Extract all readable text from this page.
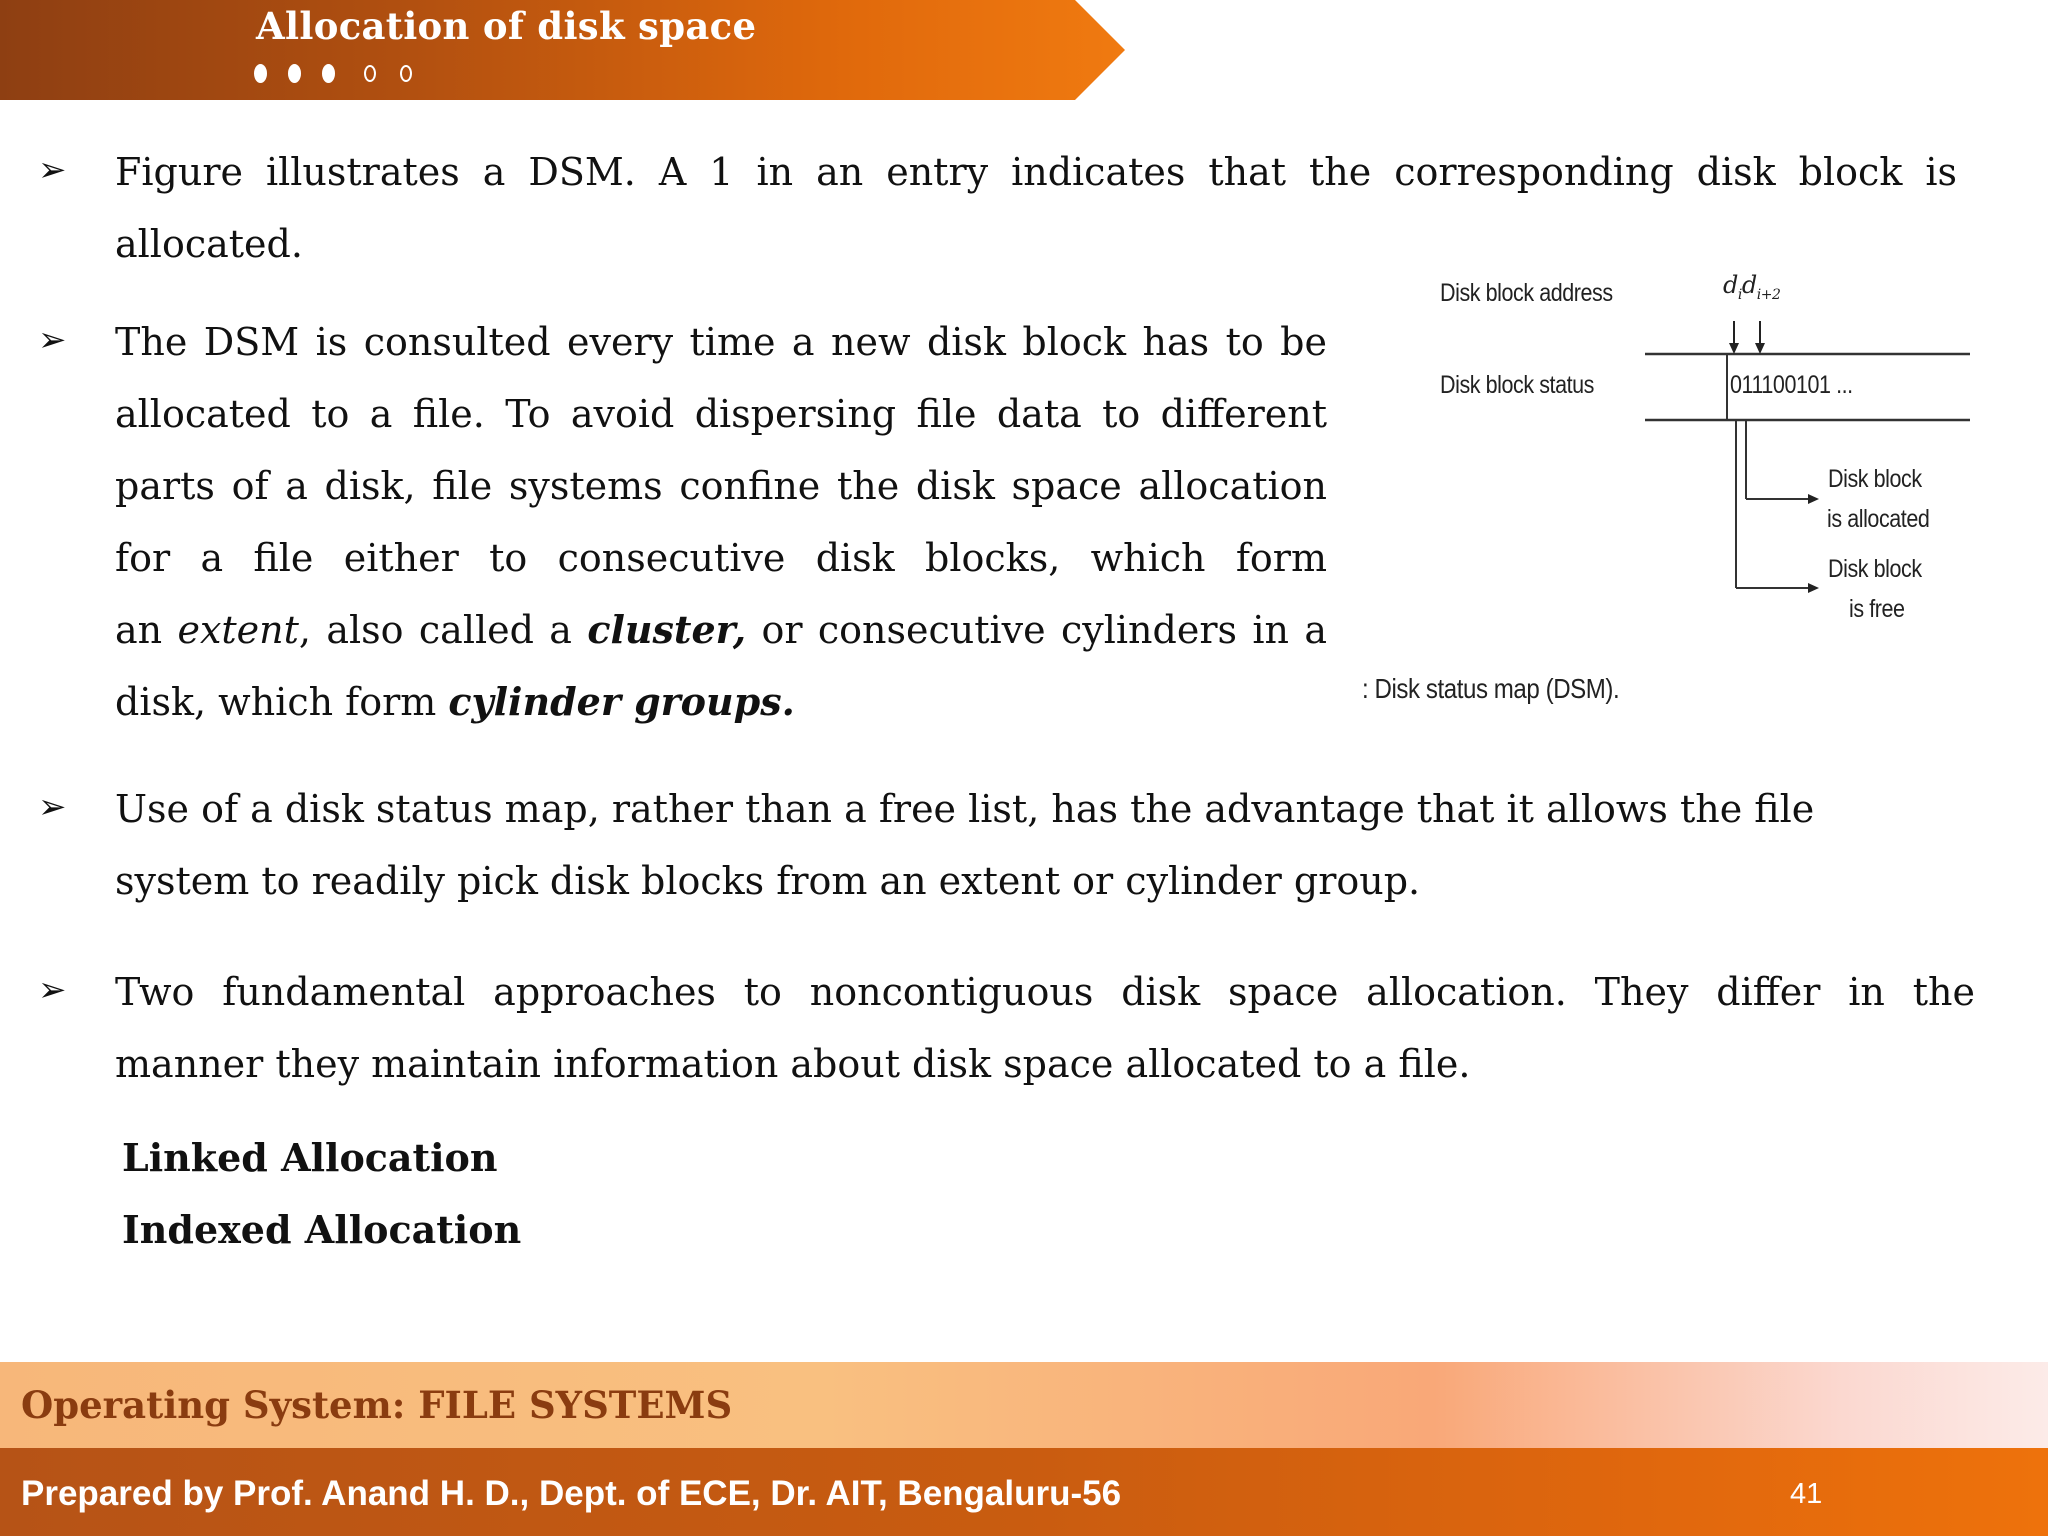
Allocation of disk space
➢ Figure illustrates a DSM. A 1 in an entry indicates that the corresponding disk block is
allocated.
➢ The DSM is consulted every time a new disk block has to be
allocated to a file. To avoid dispersing file data to different
parts of a disk, file systems confine the disk space allocation
for a file either to consecutive disk blocks, which form
an extent, also called a cluster, or consecutive cylinders in a
disk, which form cylinder groups.
Disk block address	$d_id_{i+2}$
Disk block status	011100101 ...
Disk block
is allocated
Disk block
is free
: Disk status map (DSM).
➢ Use of a disk status map, rather than a free list, has the advantage that it allows the file
system to readily pick disk blocks from an extent or cylinder group.
➢ Two fundamental approaches to noncontiguous disk space allocation. They differ in the
manner they maintain information about disk space allocated to a file.
Linked Allocation
Indexed Allocation
Operating System: FILE SYSTEMS
Prepared by Prof. Anand H. D., Dept. of ECE, Dr. AIT, Bengaluru-56	41
